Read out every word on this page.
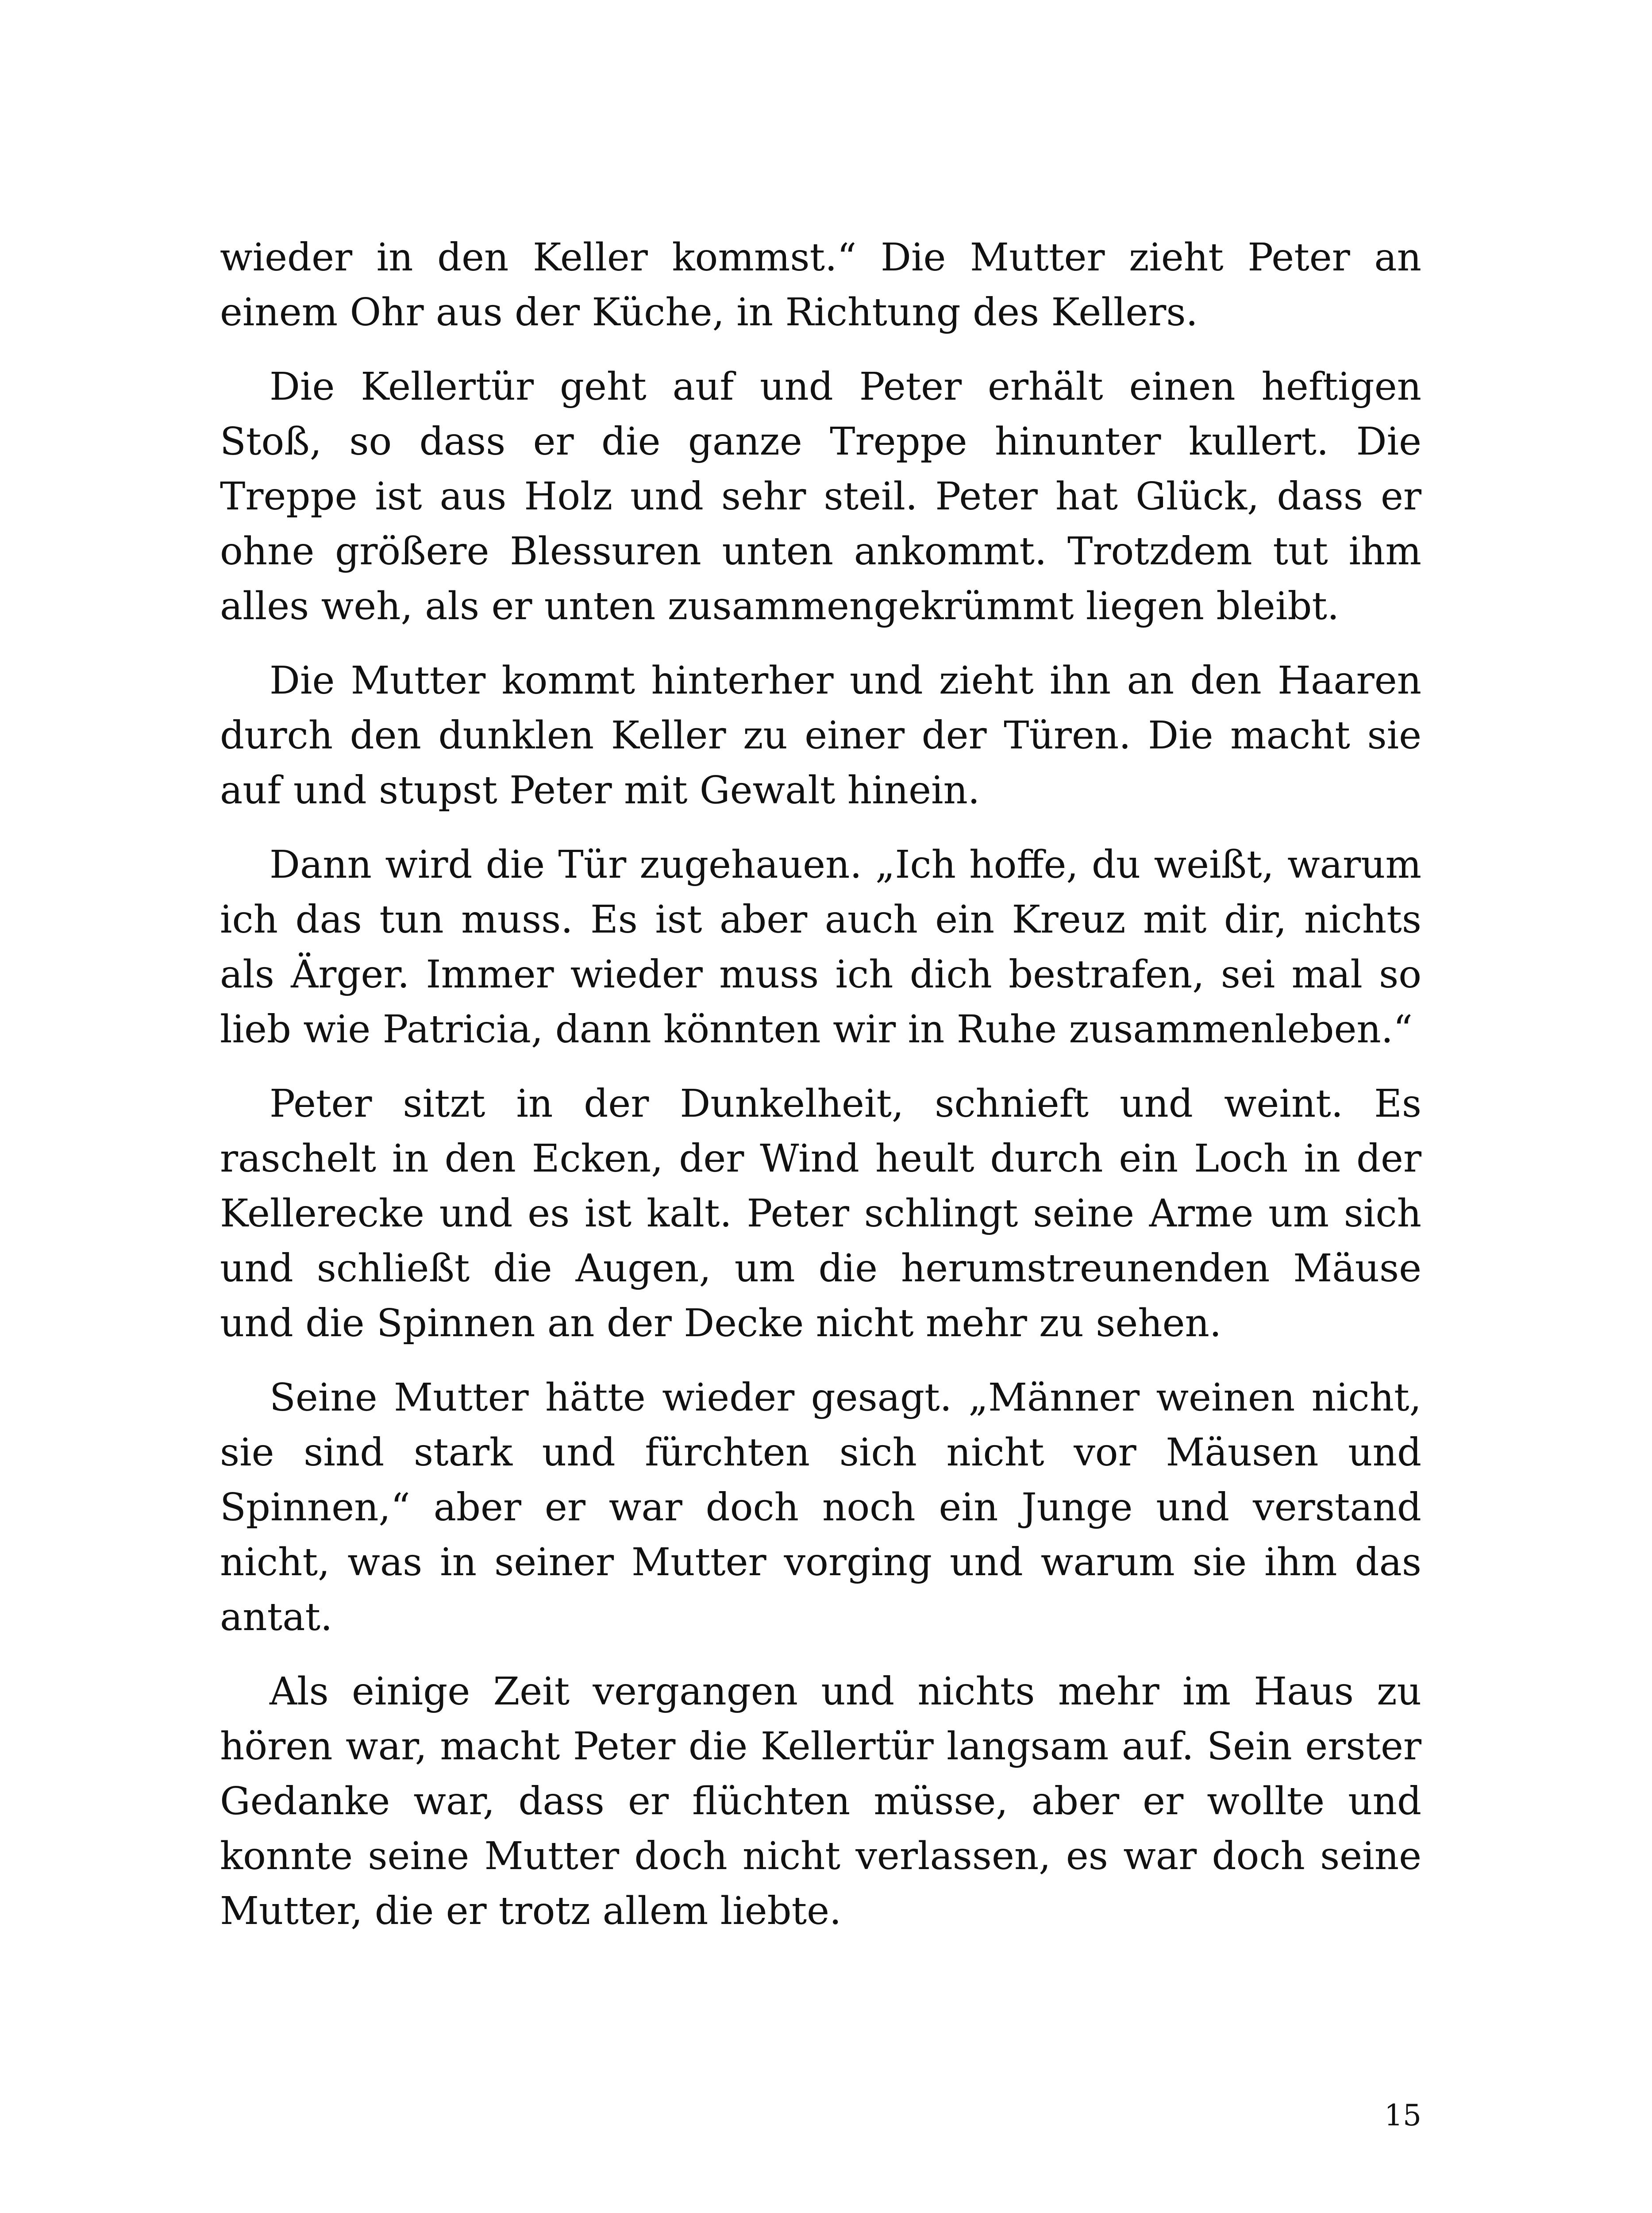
wieder in den Keller kommst.“ Die Mutter zieht Peter an einem Ohr aus der Küche, in Richtung des Kellers.

Die Kellertür geht auf und Peter erhält einen heftigen Stoß, so dass er die ganze Treppe hinunter kullert. Die Treppe ist aus Holz und sehr steil. Peter hat Glück, dass er ohne größere Blessuren unten ankommt. Trotzdem tut ihm alles weh, als er unten zusammengekrümmt liegen bleibt.

Die Mutter kommt hinterher und zieht ihn an den Haaren durch den dunklen Keller zu einer der Türen. Die macht sie auf und stupst Peter mit Gewalt hinein.

Dann wird die Tür zugehauen. „Ich hoffe, du weißt, warum ich das tun muss. Es ist aber auch ein Kreuz mit dir, nichts als Ärger. Immer wieder muss ich dich bestrafen, sei mal so lieb wie Patricia, dann könnten wir in Ruhe zusammenleben.“

Peter sitzt in der Dunkelheit, schnieft und weint. Es raschelt in den Ecken, der Wind heult durch ein Loch in der Kellerecke und es ist kalt. Peter schlingt seine Arme um sich und schließt die Augen, um die herumstreunenden Mäuse und die Spinnen an der Decke nicht mehr zu sehen.

Seine Mutter hätte wieder gesagt. „Männer weinen nicht, sie sind stark und fürchten sich nicht vor Mäusen und Spinnen,“ aber er war doch noch ein Junge und verstand nicht, was in seiner Mutter vorging und warum sie ihm das antat.

Als einige Zeit vergangen und nichts mehr im Haus zu hören war, macht Peter die Kellertür langsam auf. Sein erster Gedanke war, dass er flüchten müsse, aber er wollte und konnte seine Mutter doch nicht verlassen, es war doch seine Mutter, die er trotz allem liebte.

15
